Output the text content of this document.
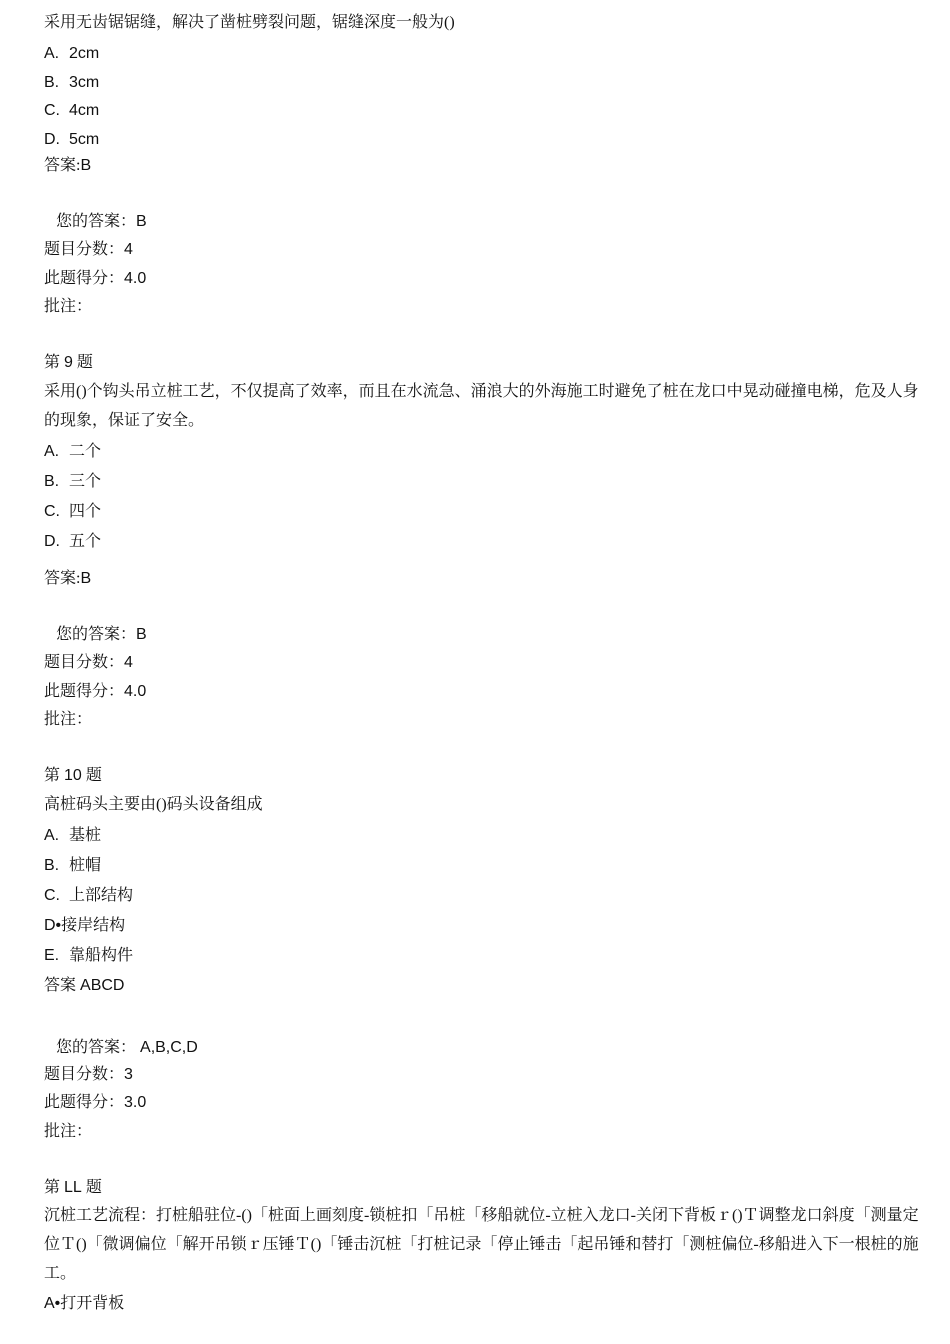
采用无齿锯锯缝，解决了凿桩劈裂问题，锯缝深度一般为()
A. 2cm
B. 3cm
C. 4cm
D. 5cm
答案:B
您的答案：B
题目分数：4
此题得分：4.0
批注：
第 9 题
采用()个钩头吊立桩工艺，不仅提高了效率，而且在水流急、涌浪大的外海施工时避免了桩在龙口中晃动碰撞电梯，危及人身的现象，保证了安全。
A. 二个
B. 三个
C. 四个
D. 五个
答案:B
您的答案：B
题目分数：4
此题得分：4.0
批注：
第 10 题
高桩码头主要由()码头设备组成
A. 基桩
B. 桩帽
C. 上部结构
D•接岸结构
E. 靠船构件
答案 ABCD
您的答案： A,B,C,D
题目分数：3
此题得分：3.0
批注：
第 LL 题
沉桩工艺流程：打桩船驻位-()「桩面上画刻度-锁桩扣「吊桩「移船就位-立桩入龙口-关闭下背板ｒ()Ｔ调整龙口斜度「测量定位Ｔ()「微调偏位「解开吊锁ｒ压锤Ｔ()「锤击沉桩「打桩记录「停止锤击「起吊锤和替打「测桩偏位-移船进入下一根桩的施工。
A•打开背板
